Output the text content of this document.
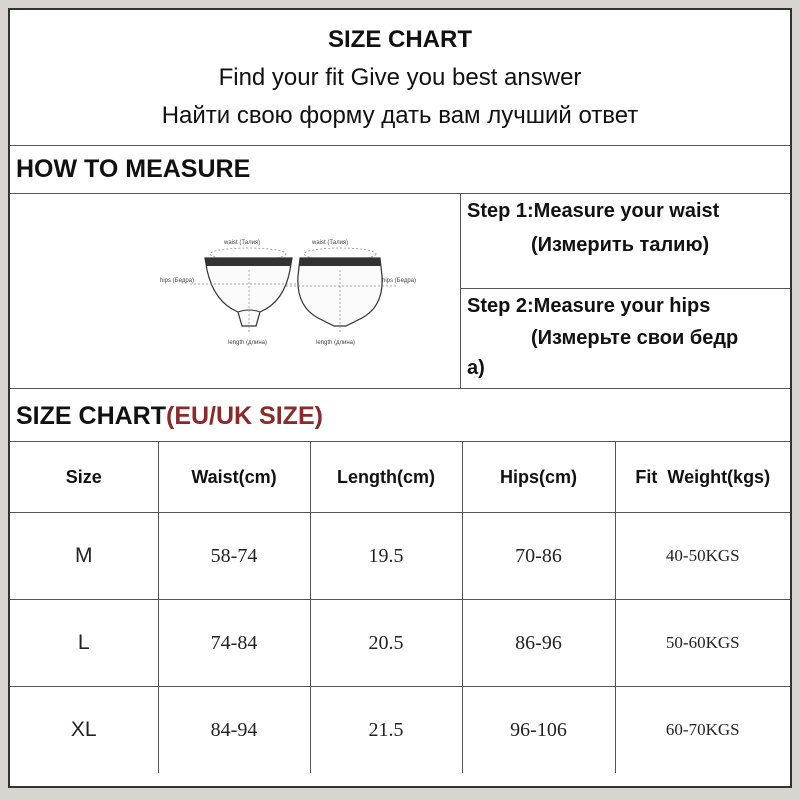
SIZE CHART
Find your fit Give you best answer
Найти свою форму дать вам лучший ответ
HOW TO MEASURE
waist (Талия)	waist (Талия)
hips (Бедра)	hips (Бедра)
length (длина)	length (длина)
Step 1:Measure your waist
(Измерить талию)
Step 2:Measure your hips
(Измерьте свои бедр
а)
SIZE CHART(EU/UK SIZE)
Size	Waist(cm)	Length(cm)	Hips(cm)	Fit  Weight(kgs)
M	58-74	19.5	70-86	40-50KGS
L	74-84	20.5	86-96	50-60KGS
XL	84-94	21.5	96-106	60-70KGS
